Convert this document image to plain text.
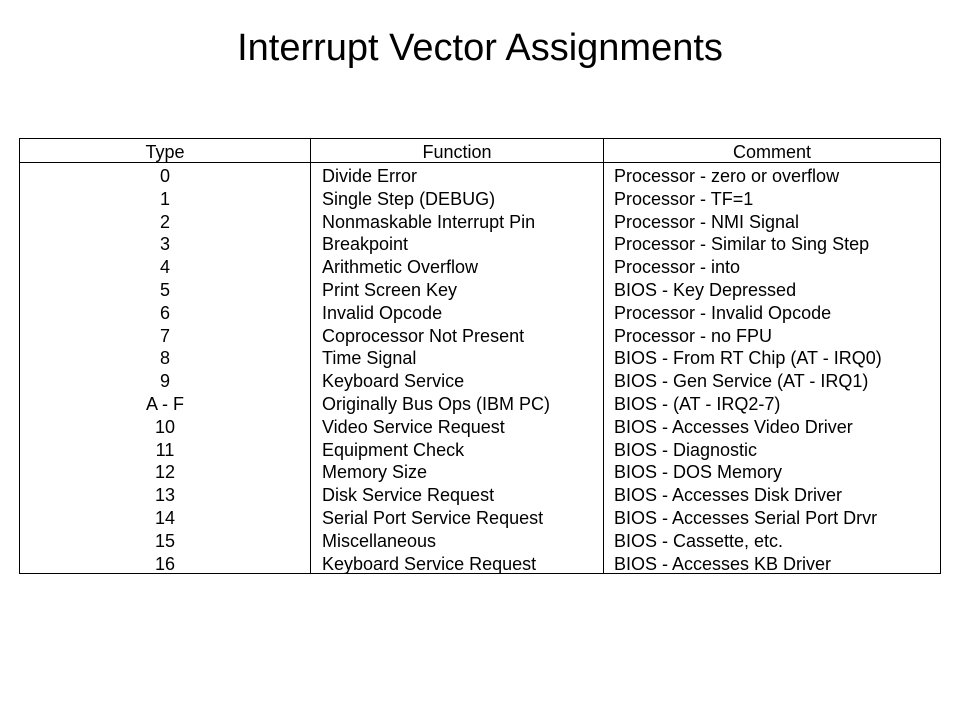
Interrupt Vector Assignments
Type	Function	Comment
0	Divide Error	Processor - zero or overflow
1	Single Step (DEBUG)	Processor - TF=1
2	Nonmaskable Interrupt Pin	Processor - NMI Signal
3	Breakpoint	Processor - Similar to Sing Step
4	Arithmetic Overflow	Processor - into
5	Print Screen Key	BIOS - Key Depressed
6	Invalid Opcode	Processor - Invalid Opcode
7	Coprocessor Not Present	Processor - no FPU
8	Time Signal	BIOS - From RT Chip (AT - IRQ0)
9	Keyboard Service	BIOS - Gen Service (AT - IRQ1)
A - F	Originally Bus Ops (IBM PC)	BIOS - (AT - IRQ2-7)
10	Video Service Request	BIOS - Accesses Video Driver
11	Equipment Check	BIOS - Diagnostic
12	Memory Size	BIOS - DOS Memory
13	Disk Service Request	BIOS - Accesses Disk Driver
14	Serial Port Service Request	BIOS - Accesses Serial Port Drvr
15	Miscellaneous	BIOS - Cassette, etc.
16	Keyboard Service Request	BIOS - Accesses KB Driver
